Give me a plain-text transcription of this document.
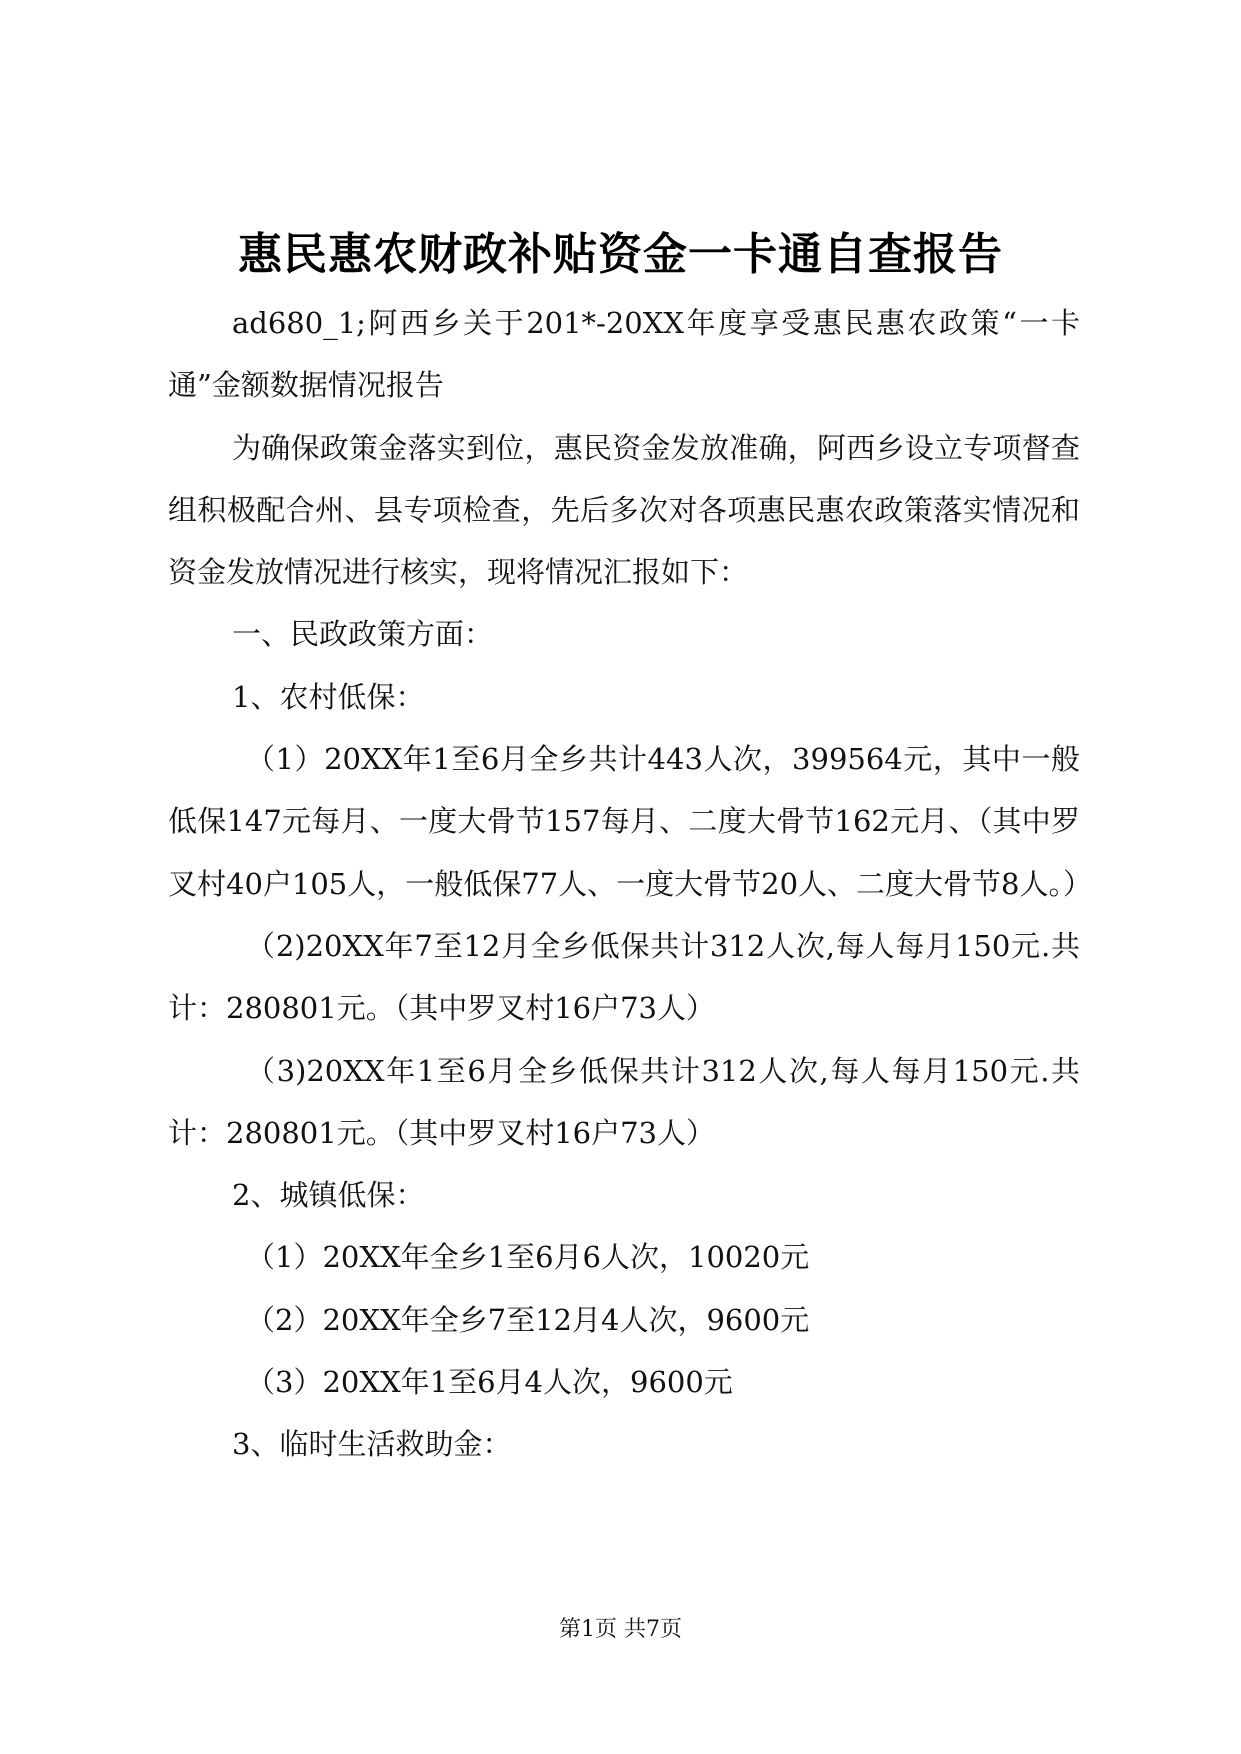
惠民惠农财政补贴资金一卡通自查报告

ad680_1;阿西乡关于201*-20XX年度享受惠民惠农政策“一卡通”金额数据情况报告

为确保政策金落实到位，惠民资金发放准确，阿西乡设立专项督查组积极配合州、县专项检查，先后多次对各项惠民惠农政策落实情况和资金发放情况进行核实，现将情况汇报如下：

一、民政政策方面：

1、农村低保：

（1）20XX年1至6月全乡共计443人次，399564元，其中一般低保147元每月、一度大骨节157每月、二度大骨节162元月、（其中罗叉村40户105人，一般低保77人、一度大骨节20人、二度大骨节8人。）

（2)20XX年7至12月全乡低保共计312人次,每人每月150元.共计：280801元。（其中罗叉村16户73人）

（3)20XX年1至6月全乡低保共计312人次,每人每月150元.共计：280801元。（其中罗叉村16户73人）

2、城镇低保：

（1）20XX年全乡1至6月6人次，10020元

（2）20XX年全乡7至12月4人次，9600元

（3）20XX年1至6月4人次，9600元

3、临时生活救助金：

第1页 共7页
